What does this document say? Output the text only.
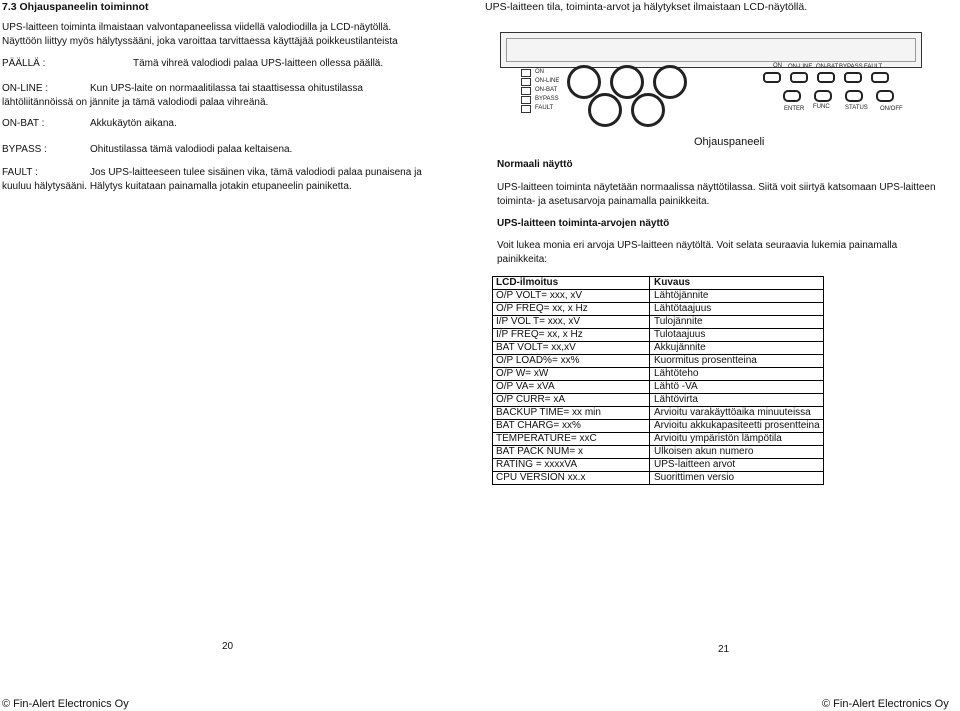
7.3 Ohjauspaneelin toiminnot
UPS-laitteen toiminta ilmaistaan valvontapaneelissa viidellä valodiodilla ja LCD-näytöllä. Näyttöön liittyy myös hälytyssääni, joka varoittaa tarvittaessa käyttäjää poikkeustilanteista
PÄÄLLÄ :	Tämä vihreä valodiodi palaa UPS-laitteen ollessa päällä.
ON-LINE :	Kun UPS-laite on normaalitilassa tai staattisessa ohitustilassa lähtöliitännöissä on jännite ja tämä valodiodi palaa vihreänä.
ON-BAT :	Akkukäytön aikana.
BYPASS :	Ohitustilassa tämä valodiodi palaa keltaisena.
FAULT :	Jos UPS-laitteeseen tulee sisäinen vika, tämä valodiodi palaa punaisena ja kuuluu hälytysääni. Hälytys kuitataan painamalla jotakin etupaneelin painiketta.
20
© Fin-Alert Electronics Oy
UPS-laitteen tila, toiminta-arvot ja hälytykset ilmaistaan LCD-näytöllä.
ON
ON-LINE
ON-BAT
BYPASS
FAULT
ON ON-LINE ON-BAT BYPASS FAULT
ENTER FUNC	STATUS ON/OFF
Ohjauspaneeli
Normaali näyttö
UPS-laitteen toiminta näytetään normaalissa näyttötilassa. Siitä voit siirtyä katsomaan UPS-laitteen toiminta- ja asetusarvoja painamalla painikkeita.
UPS-laitteen toiminta-arvojen näyttö
Voit lukea monia eri arvoja UPS-laitteen näytöltä. Voit selata seuraavia lukemia painamalla painikkeita:
LCD-ilmoitus	Kuvaus
O/P VOLT= xxx, xV	Lähtöjännite
O/P FREQ= xx, x Hz	Lähtötaajuus
I/P VOL T= xxx, xV	Tulojännite
I/P FREQ= xx, x Hz	Tulotaajuus
BAT VOLT= xx,xV	Akkujännite
O/P LOAD%= xx%	Kuormitus prosentteina
O/P W= xW	Lähtöteho
O/P VA= xVA	Lähtö -VA
O/P CURR= xA	Lähtövirta
BACKUP TIME= xx min	Arvioitu varakäyttöaika minuuteissa
BAT CHARG= xx%	Arvioitu akkukapasiteetti prosentteina
TEMPERATURE= xxC	Arvioitu ympäristön lämpötila
BAT PACK NUM= x	Ulkoisen akun numero
RATING = xxxxVA	UPS-laitteen arvot
CPU VERSION xx.x	Suorittimen versio
21
© Fin-Alert Electronics Oy
